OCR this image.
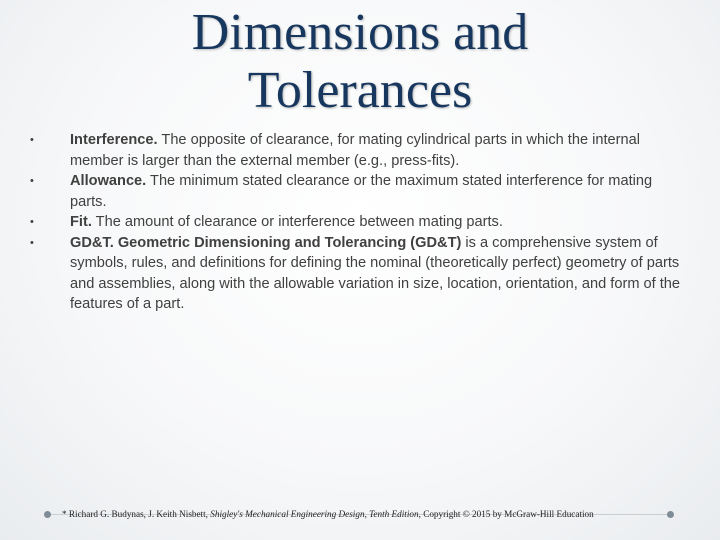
Dimensions and
Tolerances
•	Interference. The opposite of clearance, for mating cylindrical parts in which the internal member is larger than the external member (e.g., press-fits).
•	Allowance. The minimum stated clearance or the maximum stated interference for mating parts.
•	Fit. The amount of clearance or interference between mating parts.
•	GD&T. Geometric Dimensioning and Tolerancing (GD&T) is a comprehensive system of symbols, rules, and definitions for defining the nominal (theoretically perfect) geometry of parts and assemblies, along with the allowable variation in size, location, orientation, and form of the features of a part.
* Richard G. Budynas, J. Keith Nisbett, Shigley's Mechanical Engineering Design, Tenth Edition, Copyright © 2015 by McGraw-Hill Education
